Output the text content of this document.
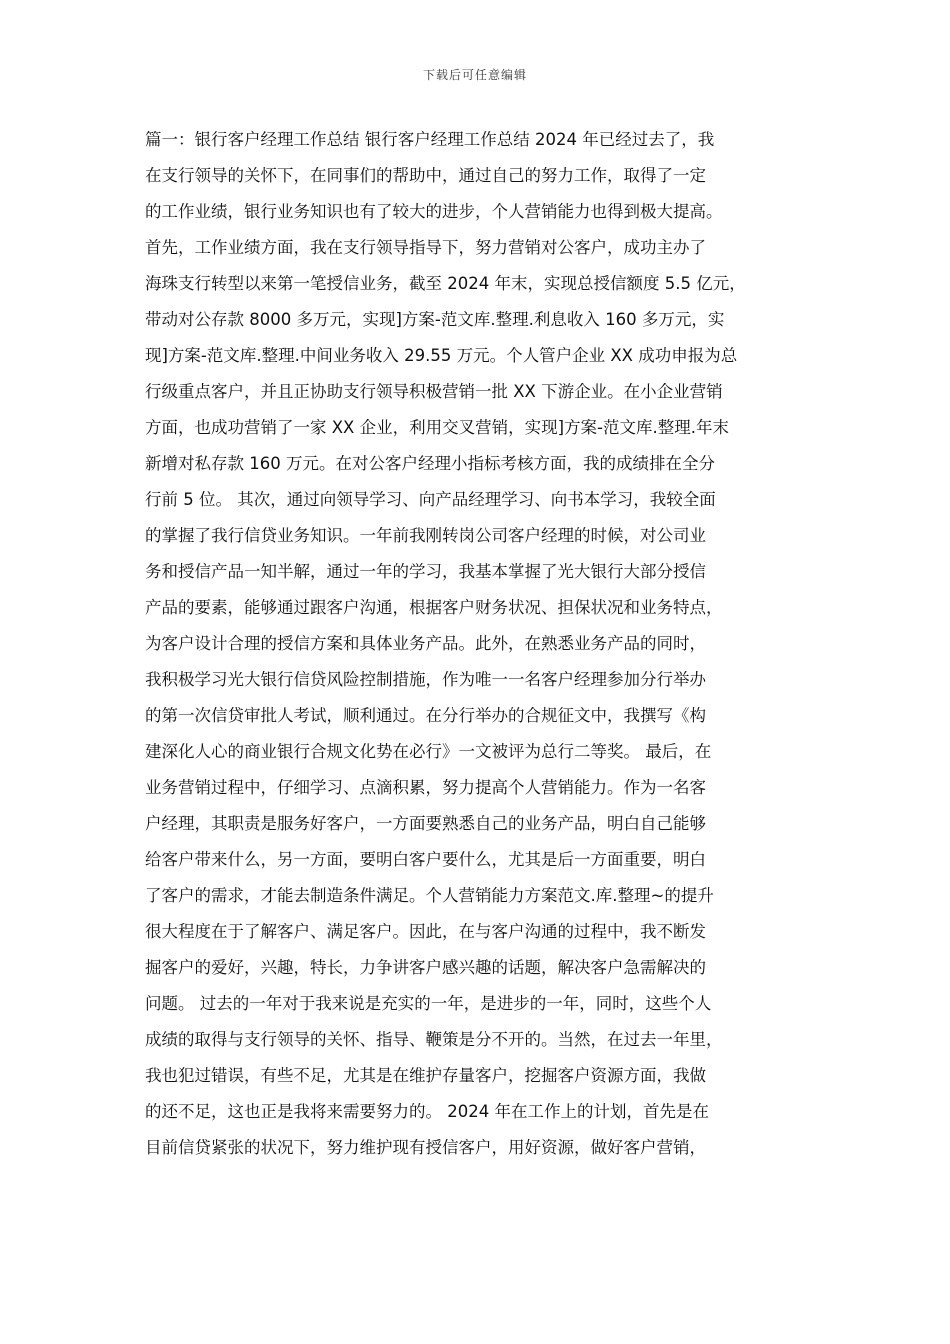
下载后可任意编辑
篇一：银行客户经理工作总结 银行客户经理工作总结 2024 年已经过去了，我
在支行领导的关怀下，在同事们的帮助中，通过自己的努力工作，取得了一定
的工作业绩，银行业务知识也有了较大的进步，个人营销能力也得到极大提高。
首先，工作业绩方面，我在支行领导指导下，努力营销对公客户，成功主办了
海珠支行转型以来第一笔授信业务，截至 2024 年末，实现总授信额度 5.5 亿元，
带动对公存款 8000 多万元，实现]方案-范文库.整理.利息收入 160 多万元，实
现]方案-范文库.整理.中间业务收入 29.55 万元。个人管户企业 XX 成功申报为总
行级重点客户，并且正协助支行领导积极营销一批 XX 下游企业。在小企业营销
方面，也成功营销了一家 XX 企业，利用交叉营销，实现]方案-范文库.整理.年末
新增对私存款 160 万元。在对公客户经理小指标考核方面，我的成绩排在全分
行前 5 位。 其次，通过向领导学习、向产品经理学习、向书本学习，我较全面
的掌握了我行信贷业务知识。一年前我刚转岗公司客户经理的时候，对公司业
务和授信产品一知半解，通过一年的学习，我基本掌握了光大银行大部分授信
产品的要素，能够通过跟客户沟通，根据客户财务状况、担保状况和业务特点，
为客户设计合理的授信方案和具体业务产品。此外，在熟悉业务产品的同时，
我积极学习光大银行信贷风险控制措施，作为唯一一名客户经理参加分行举办
的第一次信贷审批人考试，顺利通过。在分行举办的合规征文中，我撰写《构
建深化人心的商业银行合规文化势在必行》一文被评为总行二等奖。 最后，在
业务营销过程中，仔细学习、点滴积累，努力提高个人营销能力。作为一名客
户经理，其职责是服务好客户，一方面要熟悉自己的业务产品，明白自己能够
给客户带来什么，另一方面，要明白客户要什么，尤其是后一方面重要，明白
了客户的需求，才能去制造条件满足。个人营销能力方案范文.库.整理~的提升
很大程度在于了解客户、满足客户。因此，在与客户沟通的过程中，我不断发
掘客户的爱好，兴趣，特长，力争讲客户感兴趣的话题，解决客户急需解决的
问题。 过去的一年对于我来说是充实的一年，是进步的一年，同时，这些个人
成绩的取得与支行领导的关怀、指导、鞭策是分不开的。当然，在过去一年里，
我也犯过错误，有些不足，尤其是在维护存量客户，挖掘客户资源方面，我做
的还不足，这也正是我将来需要努力的。 2024 年在工作上的计划，首先是在
目前信贷紧张的状况下，努力维护现有授信客户，用好资源，做好客户营销，
